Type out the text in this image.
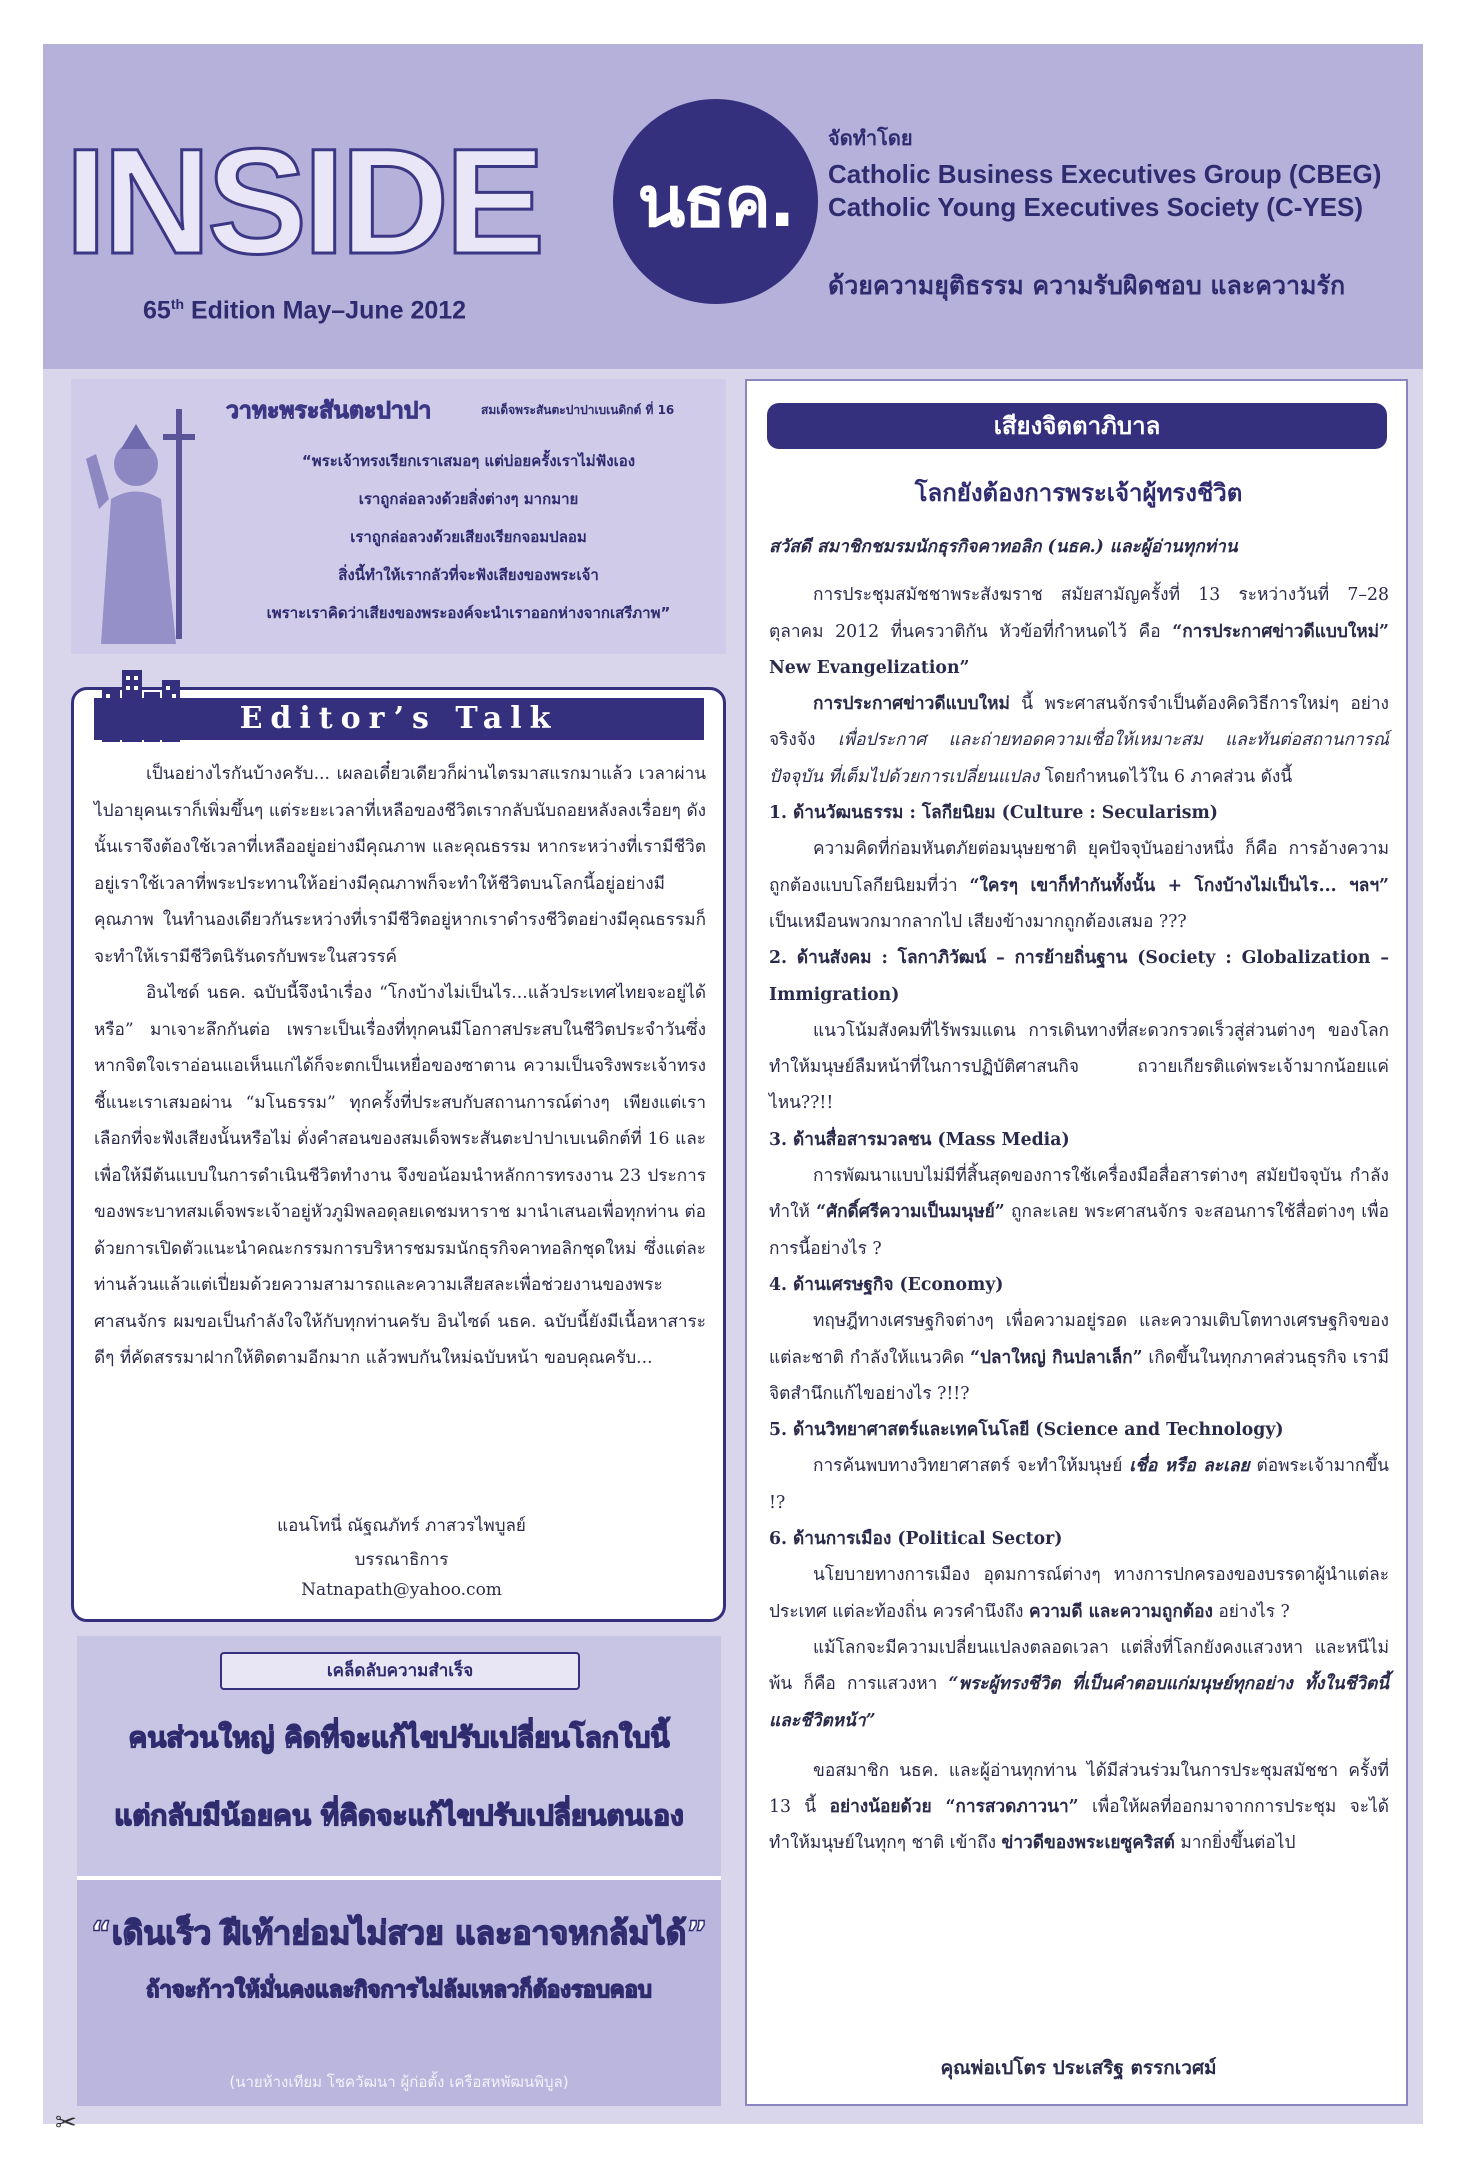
INSIDE	นธค.
65th Edition May–June 2012
จัดทำโดย
Catholic Business Executives Group (CBEG)
Catholic Young Executives Society (C-YES)
ด้วยความยุติธรรม ความรับผิดชอบ และความรัก
วาทะพระสันตะปาปา	สมเด็จพระสันตะปาปาเบเนดิกต์ ที่ 16
“พระเจ้าทรงเรียกเราเสมอๆ แต่บ่อยครั้งเราไม่ฟังเอง
เราถูกล่อลวงด้วยสิ่งต่างๆ มากมาย
เราถูกล่อลวงด้วยเสียงเรียกจอมปลอม
สิ่งนี้ทำให้เรากลัวที่จะฟังเสียงของพระเจ้า
เพราะเราคิดว่าเสียงของพระองค์จะนำเราออกห่างจากเสรีภาพ”
Editor’s Talk

เป็นอย่างไรกันบ้างครับ... เผลอเดี๋ยวเดียวก็ผ่านไตรมาสแรกมาแล้ว เวลาผ่านไปอายุคนเราก็เพิ่มขึ้นๆ แต่ระยะเวลาที่เหลือของชีวิตเรากลับนับถอยหลังลงเรื่อยๆ ดังนั้นเราจึงต้องใช้เวลาที่เหลืออยู่อย่างมีคุณภาพ และคุณธรรม หากระหว่างที่เรามีชีวิตอยู่เราใช้เวลาที่พระประทานให้อย่างมีคุณภาพก็จะทำให้ชีวิตบนโลกนี้อยู่อย่างมีคุณภาพ ในทำนองเดียวกันระหว่างที่เรามีชีวิตอยู่หากเราดำรงชีวิตอย่างมีคุณธรรมก็จะทำให้เรามีชีวิตนิรันดรกับพระในสวรรค์

อินไซด์ นธค. ฉบับนี้จึงนำเรื่อง “โกงบ้างไม่เป็นไร...แล้วประเทศไทยจะอยู่ได้หรือ” มาเจาะลึกกันต่อ เพราะเป็นเรื่องที่ทุกคนมีโอกาสประสบในชีวิตประจำวันซึ่งหากจิตใจเราอ่อนแอเห็นแก่ได้ก็จะตกเป็นเหยื่อของซาตาน ความเป็นจริงพระเจ้าทรงชี้แนะเราเสมอผ่าน “มโนธรรม” ทุกครั้งที่ประสบกับสถานการณ์ต่างๆ เพียงแต่เราเลือกที่จะฟังเสียงนั้นหรือไม่ ดั่งคำสอนของสมเด็จพระสันตะปาปาเบเนดิกต์ที่ 16 และเพื่อให้มีต้นแบบในการดำเนินชีวิตทำงาน จึงขอน้อมนำหลักการทรงงาน 23 ประการของพระบาทสมเด็จพระเจ้าอยู่หัวภูมิพลอดุลยเดชมหาราช มานำเสนอเพื่อทุกท่าน ต่อด้วยการเปิดตัวแนะนำคณะกรรมการบริหารชมรมนักธุรกิจคาทอลิกชุดใหม่ ซึ่งแต่ละท่านล้วนแล้วแต่เปี่ยมด้วยความสามารถและความเสียสละเพื่อช่วยงานของพระศาสนจักร ผมขอเป็นกำลังใจให้กับทุกท่านครับ อินไซด์ นธค. ฉบับนี้ยังมีเนื้อหาสาระดีๆ ที่คัดสรรมาฝากให้ติดตามอีกมาก แล้วพบกันใหม่ฉบับหน้า ขอบคุณครับ...

แอนโทนี่ ณัฐณภัทร์ ภาสวรไพบูลย์
บรรณาธิการ
Natnapath@yahoo.com
เคล็ดลับความสำเร็จ
คนส่วนใหญ่ คิดที่จะแก้ไขปรับเปลี่ยนโลกใบนี้
แต่กลับมีน้อยคน ที่คิดจะแก้ไขปรับเปลี่ยนตนเอง
“เดินเร็ว ฝีเท้าย่อมไม่สวย และอาจหกล้มได้”
ถ้าจะก้าวให้มั่นคงและกิจการไม่ล้มเหลวก็ต้องรอบคอบ
(นายห้างเทียม โชควัฒนา ผู้ก่อตั้ง เครือสหพัฒนพิบูล)
เสียงจิตตาภิบาล
โลกยังต้องการพระเจ้าผู้ทรงชีวิต

สวัสดี สมาชิกชมรมนักธุรกิจคาทอลิก (นธค.) และผู้อ่านทุกท่าน

การประชุมสมัชชาพระสังฆราช สมัยสามัญครั้งที่ 13 ระหว่างวันที่ 7–28 ตุลาคม 2012 ที่นครวาติกัน หัวข้อที่กำหนดไว้ คือ “การประกาศข่าวดีแบบใหม่” New Evangelization”

การประกาศข่าวดีแบบใหม่ นี้ พระศาสนจักรจำเป็นต้องคิดวิธีการใหม่ๆ อย่างจริงจัง เพื่อประกาศ และถ่ายทอดความเชื่อให้เหมาะสม และทันต่อสถานการณ์ปัจจุบัน ที่เต็มไปด้วยการเปลี่ยนแปลง โดยกำหนดไว้ใน 6 ภาคส่วน ดังนี้

1. ด้านวัฒนธรรม : โลกียนิยม (Culture : Secularism)

ความคิดที่ก่อมหันตภัยต่อมนุษยชาติ ยุคปัจจุบันอย่างหนึ่ง ก็คือ การอ้างความถูกต้องแบบโลกียนิยมที่ว่า “ใครๆ เขาก็ทำกันทั้งนั้น + โกงบ้างไม่เป็นไร... ฯลฯ” เป็นเหมือนพวกมากลากไป เสียงข้างมากถูกต้องเสมอ ???

2. ด้านสังคม : โลกาภิวัฒน์ – การย้ายถิ่นฐาน (Society : Globalization – Immigration)

แนวโน้มสังคมที่ไร้พรมแดน การเดินทางที่สะดวกรวดเร็วสู่ส่วนต่างๆ ของโลก ทำให้มนุษย์ลืมหน้าที่ในการปฏิบัติศาสนกิจ ถวายเกียรติแด่พระเจ้ามากน้อยแค่ไหน??!!

3. ด้านสื่อสารมวลชน (Mass Media)

การพัฒนาแบบไม่มีที่สิ้นสุดของการใช้เครื่องมือสื่อสารต่างๆ สมัยปัจจุบัน กำลังทำให้ “ศักดิ์ศรีความเป็นมนุษย์” ถูกละเลย พระศาสนจักร จะสอนการใช้สื่อต่างๆ เพื่อการนี้อย่างไร ?

4. ด้านเศรษฐกิจ (Economy)

ทฤษฎีทางเศรษฐกิจต่างๆ เพื่อความอยู่รอด และความเติบโตทางเศรษฐกิจของแต่ละชาติ กำลังให้แนวคิด “ปลาใหญ่ กินปลาเล็ก” เกิดขึ้นในทุกภาคส่วนธุรกิจ เรามีจิตสำนึกแก้ไขอย่างไร ?!!?

5. ด้านวิทยาศาสตร์และเทคโนโลยี (Science and Technology)

การค้นพบทางวิทยาศาสตร์ จะทำให้มนุษย์ เชื่อ หรือ ละเลย ต่อพระเจ้ามากขึ้น !?

6. ด้านการเมือง (Political Sector)

นโยบายทางการเมือง อุดมการณ์ต่างๆ ทางการปกครองของบรรดาผู้นำแต่ละประเทศ แต่ละท้องถิ่น ควรคำนึงถึง ความดี และความถูกต้อง อย่างไร ?

แม้โลกจะมีความเปลี่ยนแปลงตลอดเวลา แต่สิ่งที่โลกยังคงแสวงหา และหนีไม่พ้น ก็คือ การแสวงหา “พระผู้ทรงชีวิต ที่เป็นคำตอบแก่มนุษย์ทุกอย่าง ทั้งในชีวิตนี้ และชีวิตหน้า”

ขอสมาชิก นธค. และผู้อ่านทุกท่าน ได้มีส่วนร่วมในการประชุมสมัชชา ครั้งที่ 13 นี้ อย่างน้อยด้วย “การสวดภาวนา” เพื่อให้ผลที่ออกมาจากการประชุม จะได้ทำให้มนุษย์ในทุกๆ ชาติ เข้าถึง ข่าวดีของพระเยซูคริสต์ มากยิ่งขึ้นต่อไป

คุณพ่อเปโตร ประเสริฐ ตรรกเวศม์
✂
